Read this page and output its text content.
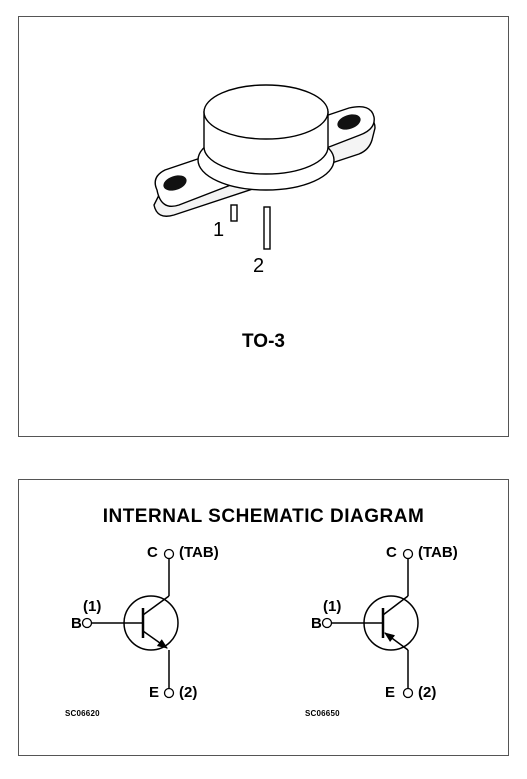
1
2
TO-3
INTERNAL SCHEMATIC DIAGRAM
C (TAB)
(1)
B
E (2)
SC06620
C (TAB)
(1)
B
E (2)
SC06650
